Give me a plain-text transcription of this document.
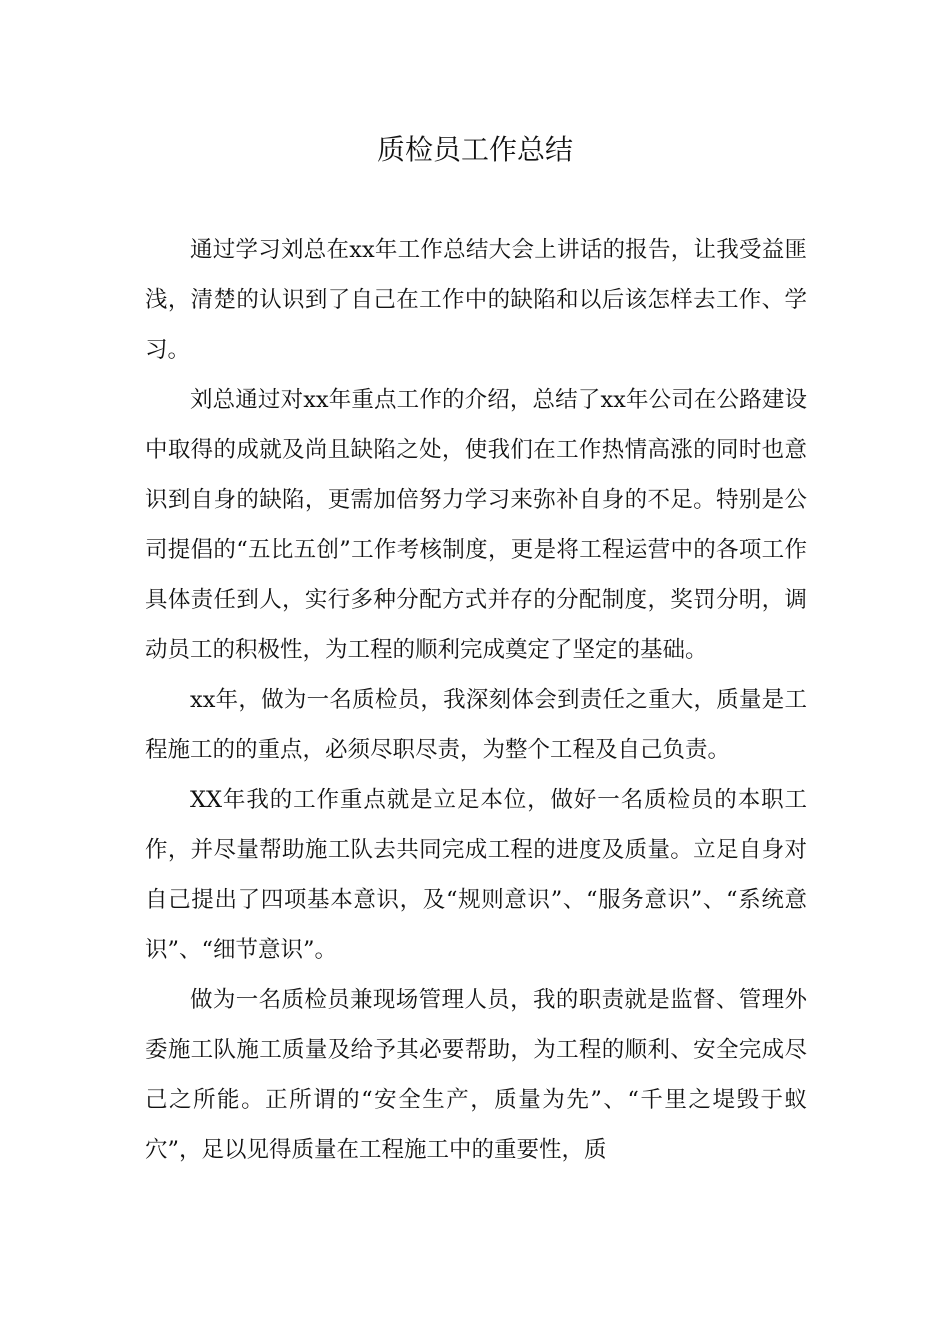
质检员工作总结

通过学习刘总在xx年工作总结大会上讲话的报告，让我受益匪浅，清楚的认识到了自己在工作中的缺陷和以后该怎样去工作、学习。

刘总通过对xx年重点工作的介绍，总结了xx年公司在公路建设中取得的成就及尚且缺陷之处，使我们在工作热情高涨的同时也意识到自身的缺陷，更需加倍努力学习来弥补自身的不足。特别是公司提倡的“五比五创”工作考核制度，更是将工程运营中的各项工作具体责任到人，实行多种分配方式并存的分配制度，奖罚分明，调动员工的积极性，为工程的顺利完成奠定了坚定的基础。

xx年，做为一名质检员，我深刻体会到责任之重大，质量是工程施工的的重点，必须尽职尽责，为整个工程及自己负责。

XX年我的工作重点就是立足本位，做好一名质检员的本职工作，并尽量帮助施工队去共同完成工程的进度及质量。立足自身对自己提出了四项基本意识，及“规则意识”、“服务意识”、“系统意识”、“细节意识”。

做为一名质检员兼现场管理人员，我的职责就是监督、管理外委施工队施工质量及给予其必要帮助，为工程的顺利、安全完成尽己之所能。正所谓的“安全生产，质量为先”、“千里之堤毁于蚁穴”，足以见得质量在工程施工中的重要性，质
